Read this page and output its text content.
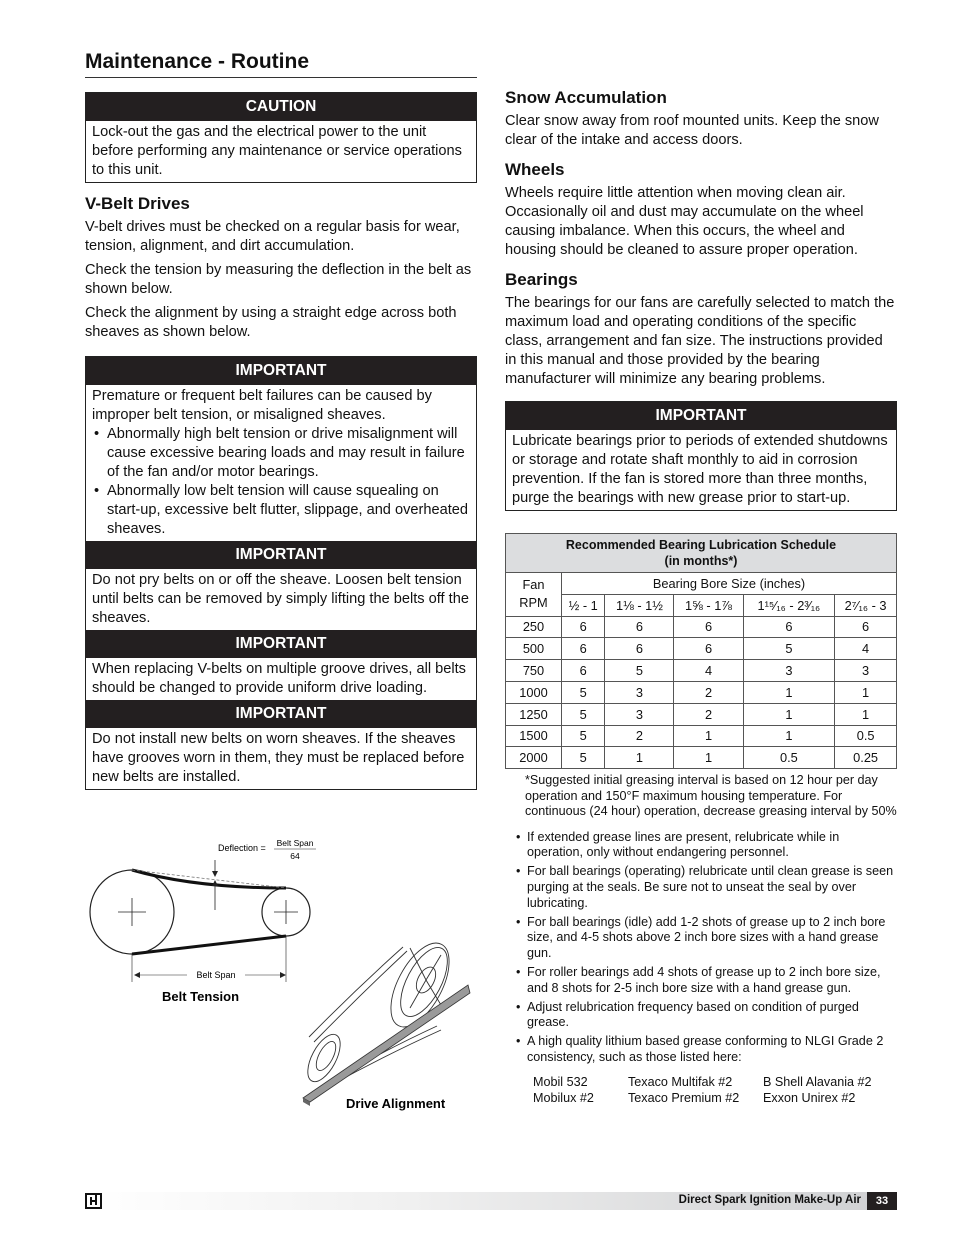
Maintenance - Routine
CAUTION
Lock-out the gas and the electrical power to the unit before performing any maintenance or service operations to this unit.
V-Belt Drives

V-belt drives must be checked on a regular basis for wear, tension, alignment, and dirt accumulation.

Check the tension by measuring the deflection in the belt as shown below.

Check the alignment by using a straight edge across both sheaves as shown below.

IMPORTANT
Premature or frequent belt failures can be caused by improper belt tension, or misaligned sheaves.
• Abnormally high belt tension or drive misalignment will cause excessive bearing loads and may result in failure of the fan and/or motor bearings.
• Abnormally low belt tension will cause squealing on start-up, excessive belt flutter, slippage, and overheated sheaves.
IMPORTANT
Do not pry belts on or off the sheave. Loosen belt tension until belts can be removed by simply lifting the belts off the sheaves.
IMPORTANT
When replacing V-belts on multiple groove drives, all belts should be changed to provide uniform drive loading.
IMPORTANT
Do not install new belts on worn sheaves. If the sheaves have grooves worn in them, they must be replaced before new belts are installed.
Belt Span
Deflection = Belt Span
64
Belt Tension
Drive Alignment
Snow Accumulation

Clear snow away from roof mounted units. Keep the snow clear of the intake and access doors.

Wheels

Wheels require little attention when moving clean air. Occasionally oil and dust may accumulate on the wheel causing imbalance. When this occurs, the wheel and housing should be cleaned to assure proper operation.

Bearings

The bearings for our fans are carefully selected to match the maximum load and operating conditions of the specific class, arrangement and fan size. The instructions provided in this manual and those provided by the bearing manufacturer will minimize any bearing problems.

IMPORTANT
Lubricate bearings prior to periods of extended shutdowns or storage and rotate shaft monthly to aid in corrosion prevention. If the fan is stored more than three months, purge the bearings with new grease prior to start-up.
Recommended Bearing Lubrication Schedule
(in months*)					

Fan
RPM	Bearing Bore Size (inches)				
	½ - 1	1⅛ - 1½	1⅝ - 1⅞	1¹⁵⁄₁₆ - 2³⁄₁₆	2⁷⁄₁₆ - 3
250	6	6	6	6	6
500	6	6	6	5	4
750	6	5	4	3	3
1000	5	3	2	1	1
1250	5	3	2	1	1
1500	5	2	1	1	0.5
2000	5	1	1	0.5	0.25
*Suggested initial greasing interval is based on 12 hour per day operation and 150°F maximum housing temperature. For continuous (24 hour) operation, decrease greasing interval by 50%
• If extended grease lines are present, relubricate while in operation, only without endangering personnel.
• For ball bearings (operating) relubricate until clean grease is seen purging at the seals. Be sure not to unseat the seal by over lubricating.
• For ball bearings (idle) add 1-2 shots of grease up to 2 inch bore size, and 4-5 shots above 2 inch bore sizes with a hand grease gun.
• For roller bearings add 4 shots of grease up to 2 inch bore size, and 8 shots for 2-5 inch bore size with a hand grease gun.
• Adjust relubrication frequency based on condition of purged grease.
• A high quality lithium based grease conforming to NLGI Grade 2 consistency, such as those listed here:
Mobil 532	Texaco Multifak #2	B Shell Alavania #2
Mobilux #2	Texaco Premium #2	Exxon Unirex #2
Direct Spark Ignition Make-Up Air	33
